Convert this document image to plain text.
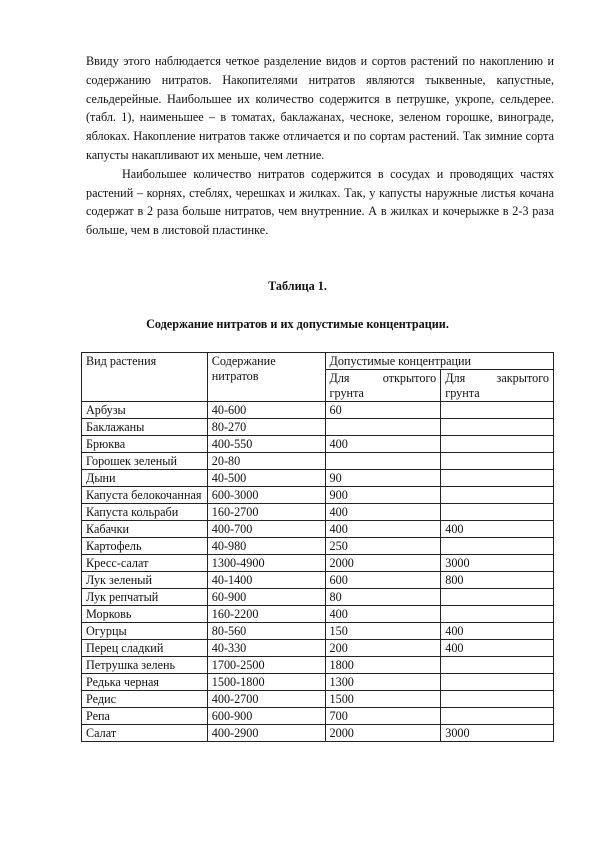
Ввиду этого наблюдается четкое разделение видов и сортов растений по накоплению и содержанию нитратов. Накопителями нитратов являются тыквенные, капустные, сельдерейные. Наибольшее их количество содержится в петрушке, укропе, сельдерее. (табл. 1), наименьшее – в томатах, баклажанах, чесноке, зеленом горошке, винограде, яблоках. Накопление нитратов также отличается и по сортам растений. Так зимние сорта капусты накапливают их меньше, чем летние.

Наибольшее количество нитратов содержится в сосудах и проводящих частях растений – корнях, стеблях, черешках и жилках. Так, у капусты наружные листья кочана содержат в 2 раза больше нитратов, чем внутренние. А в жилках и кочерыжке в 2-3 раза больше, чем в листовой пластинке.

Таблица 1.
Содержание нитратов и их допустимые концентрации.
Вид растения	Содержание нитратов	Допустимые концентрации	
		Для открытого грунта	Для закрытого грунта
Арбузы	40-600	60	
Баклажаны	80-270		
Брюква	400-550	400	
Горошек зеленый	20-80		
Дыни	40-500	90	
Капуста белокочанная	600-3000	900	
Капуста кольраби	160-2700	400	
Кабачки	400-700	400	400
Картофель	40-980	250	
Кресс-салат	1300-4900	2000	3000
Лук зеленый	40-1400	600	800
Лук репчатый	60-900	80	
Морковь	160-2200	400	
Огурцы	80-560	150	400
Перец сладкий	40-330	200	400
Петрушка зелень	1700-2500	1800	
Редька черная	1500-1800	1300	
Редис	400-2700	1500	
Репа	600-900	700	
Салат	400-2900	2000	3000
